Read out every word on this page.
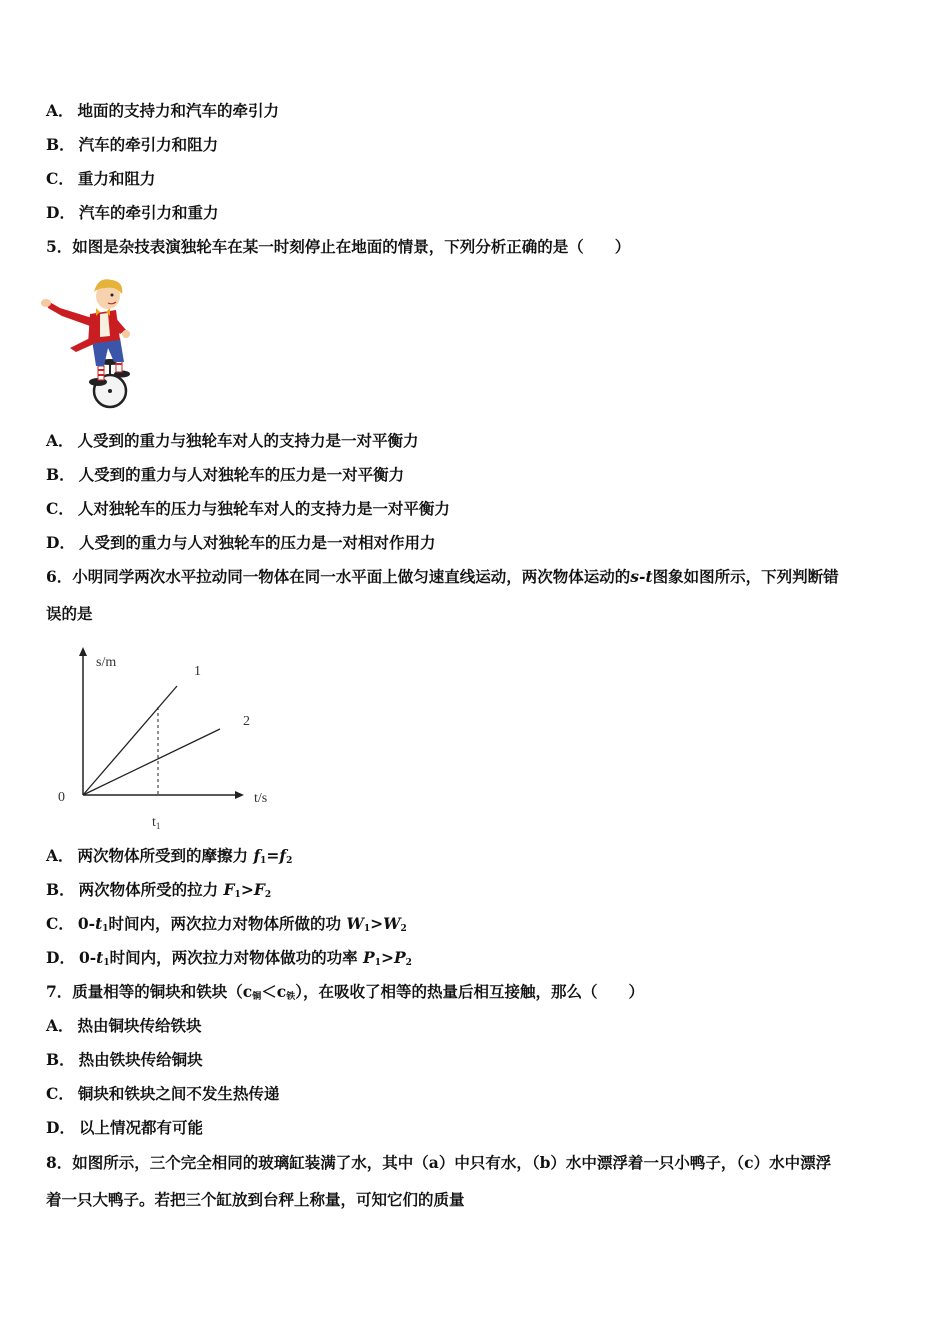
A． 地面的支持力和汽车的牵引力
B． 汽车的牵引力和阻力
C． 重力和阻力
D． 汽车的牵引力和重力
5．如图是杂技表演独轮车在某一时刻停止在地面的情景，下列分析正确的是（　　）
A． 人受到的重力与独轮车对人的支持力是一对平衡力
B． 人受到的重力与人对独轮车的压力是一对平衡力
C． 人对独轮车的压力与独轮车对人的支持力是一对平衡力
D． 人受到的重力与人对独轮车的压力是一对相对作用力
6．小明同学两次水平拉动同一物体在同一水平面上做匀速直线运动，两次物体运动的s-t图象如图所示，下列判断错
误的是
s/m
t/s
0
1
2
$t_1$
A． 两次物体所受到的摩擦力 $f_1=f_2$
B． 两次物体所受的拉力 $F_1>F_2$
C． $0-t_1$时间内，两次拉力对物体所做的功 $W_1>W_2$
D． $0-t_1$时间内，两次拉力对物体做功的功率 $P_1>P_2$
7．质量相等的铜块和铁块$(c_铜<c_铁)$，在吸收了相等的热量后相互接触，那么（　　）
A． 热由铜块传给铁块
B． 热由铁块传给铜块
C． 铜块和铁块之间不发生热传递
D． 以上情况都有可能
8．如图所示，三个完全相同的玻璃缸装满了水，其中（a）中只有水，（b）水中漂浮着一只小鸭子，（c）水中漂浮
着一只大鸭子。若把三个缸放到台秤上称量，可知它们的质量
